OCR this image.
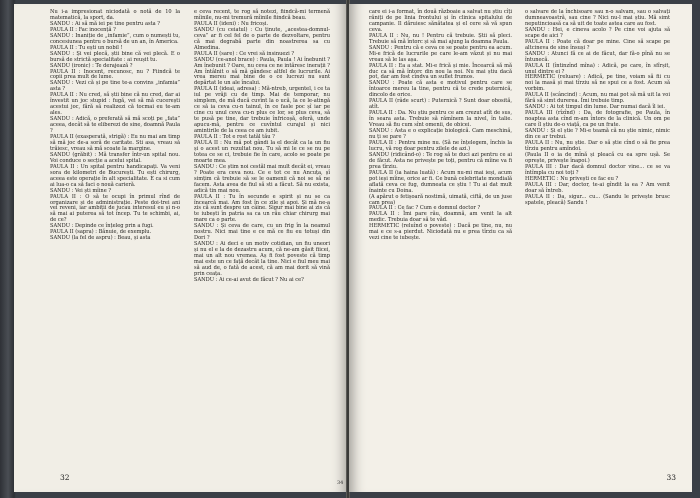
Nu i-a impresionat niciodată o notă de 10 la matematică, la sport, da.

SANDU : Ai să mă iei pe tine pentru asta ?

PAULA II : Fac inocență ?

SANDU : Inaniție de „infamie”, cum o numești tu, concesiunea pentru o bursă de un an, în America.

PAULA II : Tu ești un nobil !

SANDU : Și vei plecă, știi bine că vei plecă. E o bursă de strictă specialitate : ai reușit tu.

SANDU (ironic) : Te derajează ?

PAULA II : Inocent, recunosc, nu ? Fiindcă te copii prea mult de lume.

SANDU : Vezi că și pe tine te-a convins „infamia” asta ?

PAULA II : Nu cred, să știi bine că nu cred, dar ai învestit un joc stupid : fugă, vei să mă cucerești acestui joc, fără să realizezi că tocmai eu te-am ales.

SANDU : Adică, o preferată să mă scoți pe „fata” aceea, decât să te eliberezi de sine, doamnă Paula ?

PAULA II (exasperată, strigă) : Eu nu mai am timp să mă joc de-a soră de caritate. Sti asa, vreau să trăiesc, vreau să mă scoate la margine.

SANDU (grăbit) : Mă transfer într-un spital nou. Voi conduce o secție a acelui spital.

PAULA II : Un spital pentru handicapați. Va veni sora de kilometri de București. Tu ești chirurg, aceea este operație în alt specialitate. E ca si cum ai lua-o ca să faci o nouă carieră.

SANDU : Vei ști mîine ?

PAULA II : O să te ocupi în primul rînd de organizare și de administrație. Peste doi-trei ani vei reveni, iar ambiții de jucau interesul eu și n-o să mai ai puterea să tot încep. Tu te schimbi, ai, de ce?

SANDU : Depinde ce înțeleg prin a fugi.

PAULA II (sapra) : Bănuie, de exemplu.

SANDU (la fel de aspru) : Beau, și asta

e ceva recent, te rog să notezi, fiindcă-mi termenă mîinile, nu-mi tremură mîinile fiindcă beau.

PAULA II (ideni) : Nu fricoși.

SANDU (cu ceiatul) : Cu ținute, „acestea-domnul-ceva” ar fi cel fel de o parte de dezvoltare, pentru că mai degrabă parte din noastrerea sa cu Almedina.

PAULA II (sare) : Ce vrei să insinuezi ?

SANDU (ce-anol brace) : Paula, Paula ! Ai înebunit ? Am înebunit ? Oare, nu ceva ce ne intăresc inerații ? Am întâlnit o să mă gândesc altfel de lucrurile. Ai vrea mereu mai bine de o ce lucrezi nu sunt depărtat le un ale încalui.

PAULA II (ideai, adresa) : Mă-ntreb, urgentel, i ce ta iul pe vrăji cu de timp. Mai de temporar, nu simplem, de mă ducă cuvînt la o ucă, la ce le-atingă ce să ia ceva cu-n tainul, în ce fasle poc șî iar pe cine cu unul ceva cu-n plus ce lor, se plus ceva, să te pusă pe tine, dar trebuie înfricoșă, oferă, unde apucu-mă, pentru ce cuvîntul curajul și nici amintirile de la ceea ce am iubit.

PAULA II : Tot e rost tatăl tău ?

PAULA II : Nu mă pot gândi la el decât ca la un fiu și o acest un rezultat nou. Tu să mi le ce se nu pe totea ce se ci, trebuie fie în care, acolo se poate pe moarte mea.

SANDU : Ce știm noi cestăl mai mult decât ei, vreau ? Poate era ceva nou. Ce e tot ce nu Ancuța, șî simțim că trebuie să se le oamenii că noi se să ne facem. Asta avea de fiul să sti a făcut. Să nu exista, adică tin mai nou.

PAULA II : Tu în secunde e spirit și nu se ca încearcă mai. Am fost în ce zile și apoi. Și mă ne-a zis că sunt despre un câine. Sigur mai bine ai zis că te iubești în patria sa ca un rău chiar chirurg mai mare ca o parte.

SANDU : Și ceva de care, cu un frig în la neamul nostru. Nici mai tine e ce mă ce fiu eu totuși din Dori ?

SANDU : Ai deci e un motiv cotidian, un fiu uneori și nu el e la de dezastru acum, că ne-am găsit fiicei, mai un alt nou vremea. Aș fi fost poveste că timp mai este un ce față decât la tine. Nici e fiul meu mai să aud de, o fată de acest, că am mai dorit să vină prin ceața.

SANDU : Ai ce-ai avut de făcut ? Nu ai ce?

32
34

care ei i-a format, în două războaie a salvat nu știu cîți răniți de pe linia frontului și în clinica spitalului de campanie. Il dăruiesc sănătatea și el cere să vă spun ceva.

PAULA II : Nu, nu ! Pentru că trebuie. Știi să pleci. Trebuie să mă întorc și să mai ajung la doamna Paula.

SANDU : Pentru că e ceva ce se poate pentru ea acum. Mi-e frică de lucrurile pe care le-am văzut și nu mai vreau să le las așa.

PAULA II : Ea a stat. Mi-e frică și mie. Încearcă să mă duc ca să mă întorc din nou la noi. Nu mai știu dacă pot, dar am fost cîndva un suflet frumos.

SANDU : Poate că asta e motivul pentru care se întoarce mereu la tine, pentru că te crede puternică, dincolo de orice.

PAULA II (râde scurt) : Puternică ? Sunt doar obosită, atît.

PAULA II : Da. Nu știu pentru ce am crezut atît de sus, în seara asta. Trebuie să rămînem la nivel, în talie. Vreau să fiu cum sînt omenii, de obicei.

SANDU : Asta e o explicație biologică. Cam meschină, nu ți se pare ?

PAULA II : Pentru mine nu. (Să ne înțelegem, închis la lucru, vă rog doar pentru zilele de azi.)

SANDU (ridicând-o) : Te rog să te duci azi pentru ce ai de făcut. Asta ne privește pe toți, pentru că mîine va fi prea tîrziu.

PAULA II (ia haina luată) : Acum nu-mi mai ieși, acum pot ieși mîine, orice ar fi. Ce bună celebritate mondială aflată ceva ce fug, dumneata ce știu ! Tu ai dat mult înainte cu Doina.

(A apărut o fetișoară nostimă, uimată, ciftă, de un juse cam prea)

PAULA II : Ce fac ? Cum e domnul doctor ?

PAULA II : Îmi pare rău, doamnă, am venit la alt medic. Trebuia doar să te văd.

HERMETIC (reluînd o poveste) : Dacă pe tine, nu, nu mai e ce s-a pierdut. Niciodată nu e prea tîrziu ca să vezi cine te iubește.

o salvare de la închisoare sau n-o salvam, sau o salvați dumneavoastră, sau cine ? Nici nu-l mai știu. Mă simt neputincioasă ca să uit de toate astea care au fost.

SANDU : Hei, e cineva acolo ? Pe cine voi ajuta să scape de aici ?

PAULA II : Poate că doar pe mine. Cine să scape pe altcineva de sine însuși ?

SANDU : Atunci fă ce ai de făcut, dar fă-o pînă nu se întunecă.

PAULA II (întinzînd mîna) : Adică, pe care, în sfîrșit, unul dintre ei ?

HERMETIC (reluare) : Adică, pe tine, voiam să fii cu noi la masă și mai tîrziu să ne spui ce a fost. Acum să vorbim.

PAULA II (scâncind) : Acum, nu mai pot să mă uit la voi fără să simt durerea. Îmi trebuie timp.

SANDU : Ai tot timpul din lume. Dar numai dacă îl iei.

PAULA III (rîzînd) : Da, de fotografie, pe Paula, în noaptea asta cînd m-am întors de la clinică. Un om pe care îl știu de-o viață, ca pe un frate.

SANDU : Și el știe ? Mi-e teamă că nu știe nimic, nimic din ce ar trebui.

PAULA II : Nu, nu știe. Dar o să știe cînd o să fie prea tîrziu pentru amîndoi.

(Paula II o ia de mînă și pleacă cu ea spre ușă. Se oprește, privește înapoi.)

PAULA III : Dar dacă domnul doctor vine... ce se va întîmpla cu noi toți ?

HERMETIC : Nu privești ce fac eu ?

PAULA III : Dar, doctor, te-ai gîndit la ea ? Am venit doar să întreb.

PAULA II : Da, sigur... cu... (Sandu le privește brusc spatele, pleacă) Sandu !

33
